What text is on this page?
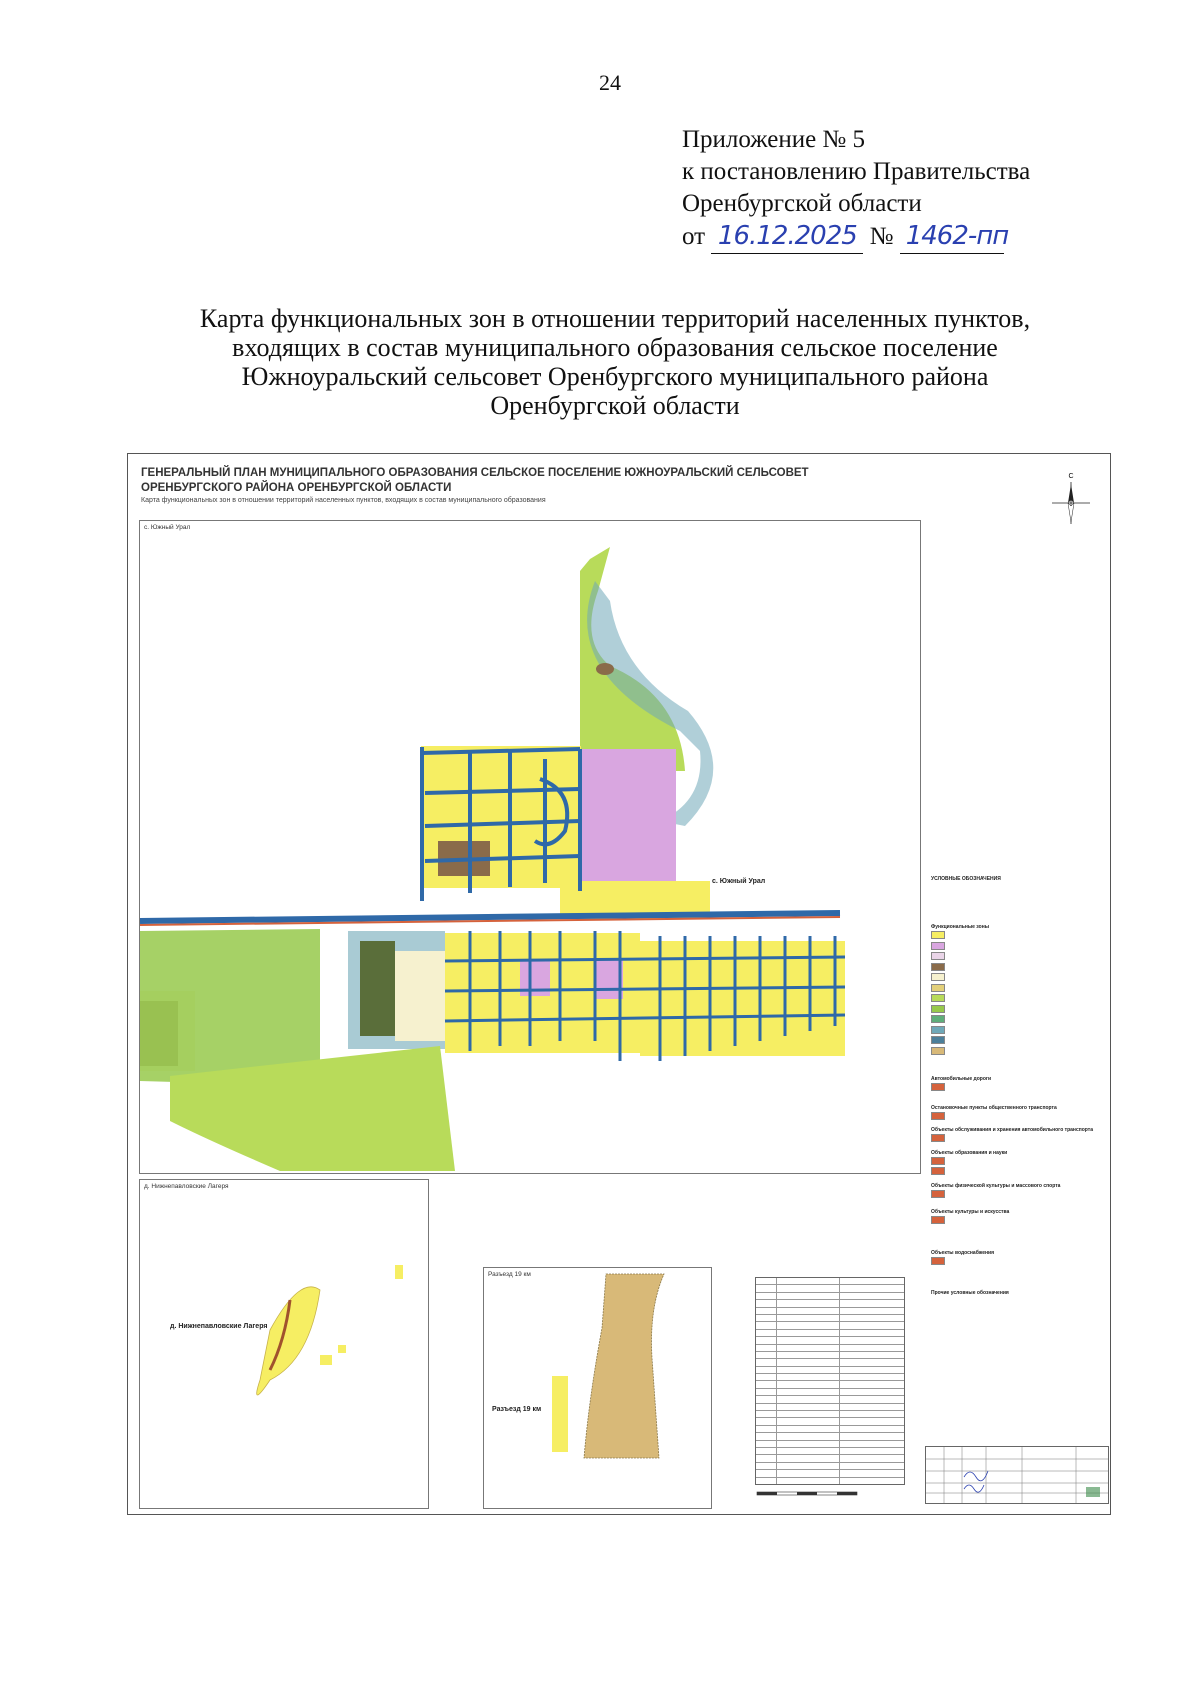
24
Приложение № 5
к постановлению Правительства
Оренбургской области
от 16.12.2025 № 1462-пп
Карта функциональных зон в отношении территорий населенных пунктов,
входящих в состав муниципального образования сельское поселение
Южноуральский сельсовет Оренбургского муниципального района
Оренбургской области
ГЕНЕРАЛЬНЫЙ ПЛАН МУНИЦИПАЛЬНОГО ОБРАЗОВАНИЯ СЕЛЬСКОЕ ПОСЕЛЕНИЕ ЮЖНОУРАЛЬСКИЙ СЕЛЬСОВЕТ
ОРЕНБУРГСКОГО РАЙОНА ОРЕНБУРГСКОЙ ОБЛАСТИ
Карта функциональных зон в отношении территорий населенных пунктов, входящих в состав муниципального образования
С
с. Южный Урал
с. Южный Урал	УСЛОВНЫЕ ОБОЗНАЧЕНИЯ
Функциональные зоны
Автомобильные дороги
Остановочные пункты общественного транспорта
Объекты обслуживания и хранения автомобильного транспорта
Объекты образования и науки
Объекты физической культуры и массового спорта
Объекты культуры и искусства
Объекты водоснабжения
Прочие условные обозначения
д. Нижнепавловские Лагеря
д. Нижнепавловские Лагеря
Разъезд 19 км
Разъезд 19 км
